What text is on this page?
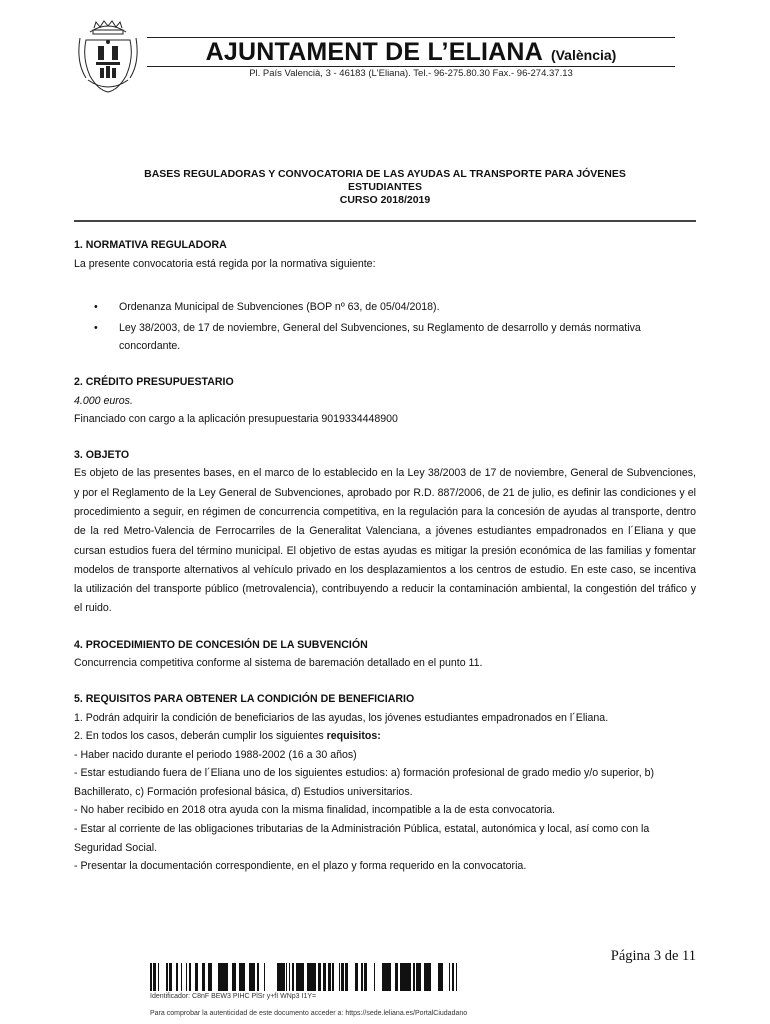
AJUNTAMENT DE L’ELIANA (València)
Pl. País Valencià, 3 - 46183 (L'Eliana). Tel.- 96-275.80.30 Fax.- 96-274.37.13
BASES REGULADORAS Y CONVOCATORIA DE LAS AYUDAS AL TRANSPORTE PARA JÓVENES
ESTUDIANTES
CURSO 2018/2019

1. NORMATIVA REGULADORA

La presente convocatoria está regida por la normativa siguiente:

• Ordenanza Municipal de Subvenciones (BOP nº 63, de 05/04/2018).
• Ley 38/2003, de 17 de noviembre, General del Subvenciones, su Reglamento de desarrollo y demás normativa concordante.

2. CRÉDITO PRESUPUESTARIO

4.000 euros.

Financiado con cargo a la aplicación presupuestaria 9019334448900

3. OBJETO

Es objeto de las presentes bases, en el marco de lo establecido en la Ley 38/2003 de 17 de noviembre, General de Subvenciones, y por el Reglamento de la Ley General de Subvenciones, aprobado por R.D. 887/2006, de 21 de julio, es definir las condiciones y el procedimiento a seguir, en régimen de concurrencia competitiva, en la regulación para la concesión de ayudas al transporte, dentro de la red Metro-Valencia de Ferrocarriles de la Generalitat Valenciana, a jóvenes estudiantes empadronados en l´Eliana y que cursan estudios fuera del término municipal. El objetivo de estas ayudas es mitigar la presión económica de las familias y fomentar modelos de transporte alternativos al vehículo privado en los desplazamientos a los centros de estudio. En este caso, se incentiva la utilización del transporte público (metrovalencia), contribuyendo a reducir la contaminación ambiental, la congestión del tráfico y el ruido.

4. PROCEDIMIENTO DE CONCESIÓN DE LA SUBVENCIÓN

Concurrencia competitiva conforme al sistema de baremación detallado en el punto 11.

5. REQUISITOS PARA OBTENER LA CONDICIÓN DE BENEFICIARIO

1. Podrán adquirir la condición de beneficiarios de las ayudas, los jóvenes estudiantes empadronados en l´Eliana.

2. En todos los casos, deberán cumplir los siguientes requisitos:

- Haber nacido durante el periodo 1988-2002 (16 a 30 años)

- Estar estudiando fuera de l´Eliana uno de los siguientes estudios: a) formación profesional de grado medio y/o superior, b) Bachillerato, c) Formación profesional básica, d) Estudios universitarios.

- No haber recibido en 2018 otra ayuda con la misma finalidad, incompatible a la de esta convocatoria.

- Estar al corriente de las obligaciones tributarias de la Administración Pública, estatal, autonómica y local, así como con la Seguridad Social.

- Presentar la documentación correspondiente, en el plazo y forma requerido en la convocatoria.

Página 3 de 11
Identificador: C8nF BEW3 PIHC PlSr y+fI WNp3 I1Y=
Para comprobar la autenticidad de este documento acceder a: https://sede.leliana.es/PortalCiudadano
